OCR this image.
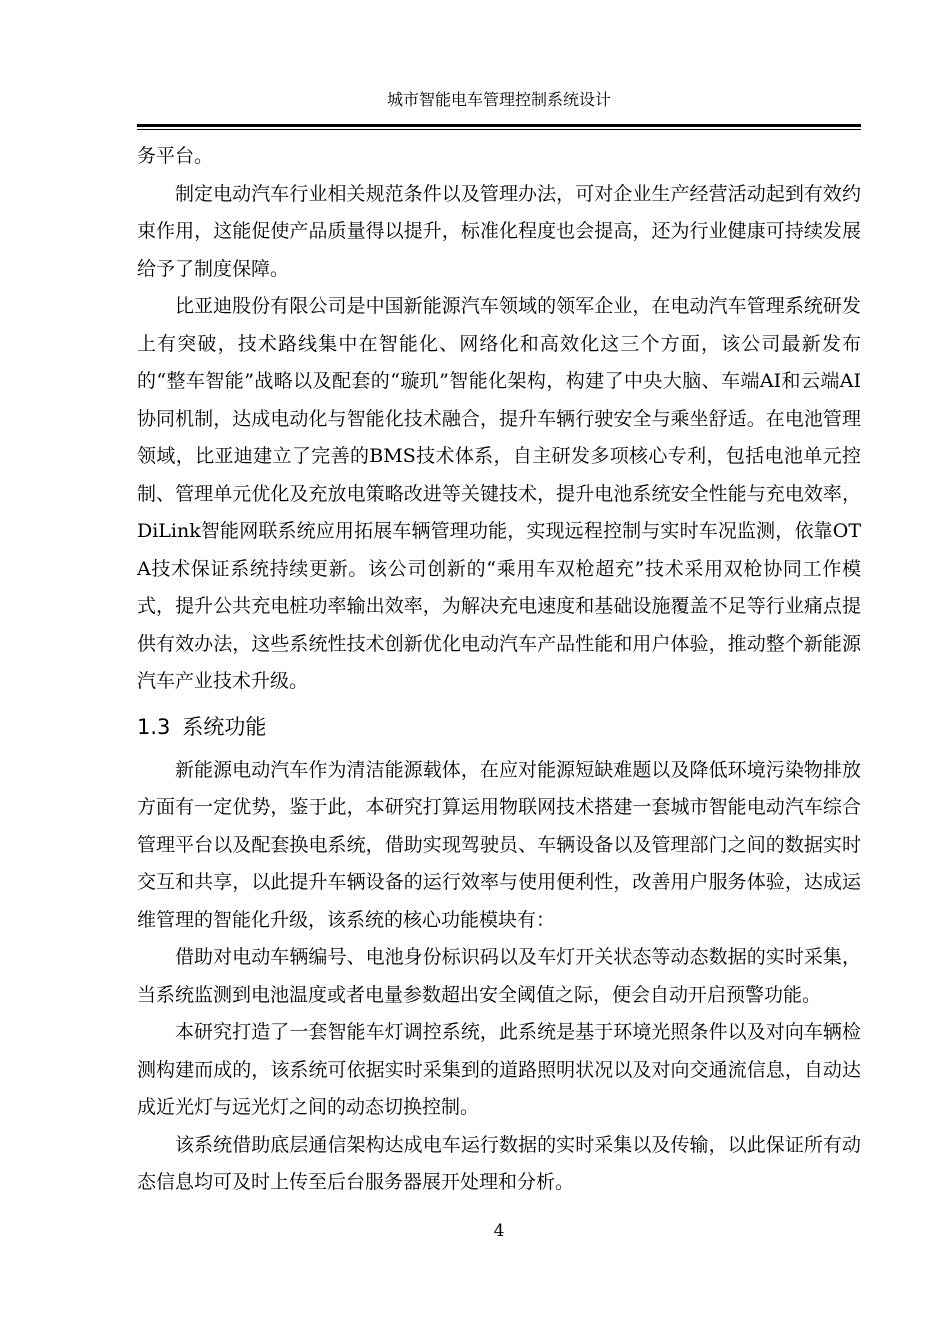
城市智能电车管理控制系统设计

务平台。

制定电动汽车行业相关规范条件以及管理办法，可对企业生产经营活动起到有效约束作用，这能促使产品质量得以提升，标准化程度也会提高，还为行业健康可持续发展给予了制度保障。

比亚迪股份有限公司是中国新能源汽车领域的领军企业，在电动汽车管理系统研发上有突破，技术路线集中在智能化、网络化和高效化这三个方面，该公司最新发布的“整车智能”战略以及配套的“璇玑”智能化架构，构建了中央大脑、车端AI和云端AI协同机制，达成电动化与智能化技术融合，提升车辆行驶安全与乘坐舒适。在电池管理领域，比亚迪建立了完善的BMS技术体系，自主研发多项核心专利，包括电池单元控制、管理单元优化及充放电策略改进等关键技术，提升电池系统安全性能与充电效率，DiLink智能网联系统应用拓展车辆管理功能，实现远程控制与实时车况监测，依靠OTA技术保证系统持续更新。该公司创新的“乘用车双枪超充”技术采用双枪协同工作模式，提升公共充电桩功率输出效率，为解决充电速度和基础设施覆盖不足等行业痛点提供有效办法，这些系统性技术创新优化电动汽车产品性能和用户体验，推动整个新能源汽车产业技术升级。

1.3 系统功能

新能源电动汽车作为清洁能源载体，在应对能源短缺难题以及降低环境污染物排放方面有一定优势，鉴于此，本研究打算运用物联网技术搭建一套城市智能电动汽车综合管理平台以及配套换电系统，借助实现驾驶员、车辆设备以及管理部门之间的数据实时交互和共享，以此提升车辆设备的运行效率与使用便利性，改善用户服务体验，达成运维管理的智能化升级，该系统的核心功能模块有：

借助对电动车辆编号、电池身份标识码以及车灯开关状态等动态数据的实时采集，当系统监测到电池温度或者电量参数超出安全阈值之际，便会自动开启预警功能。

本研究打造了一套智能车灯调控系统，此系统是基于环境光照条件以及对向车辆检测构建而成的，该系统可依据实时采集到的道路照明状况以及对向交通流信息，自动达成近光灯与远光灯之间的动态切换控制。

该系统借助底层通信架构达成电车运行数据的实时采集以及传输，以此保证所有动态信息均可及时上传至后台服务器展开处理和分析。

4
